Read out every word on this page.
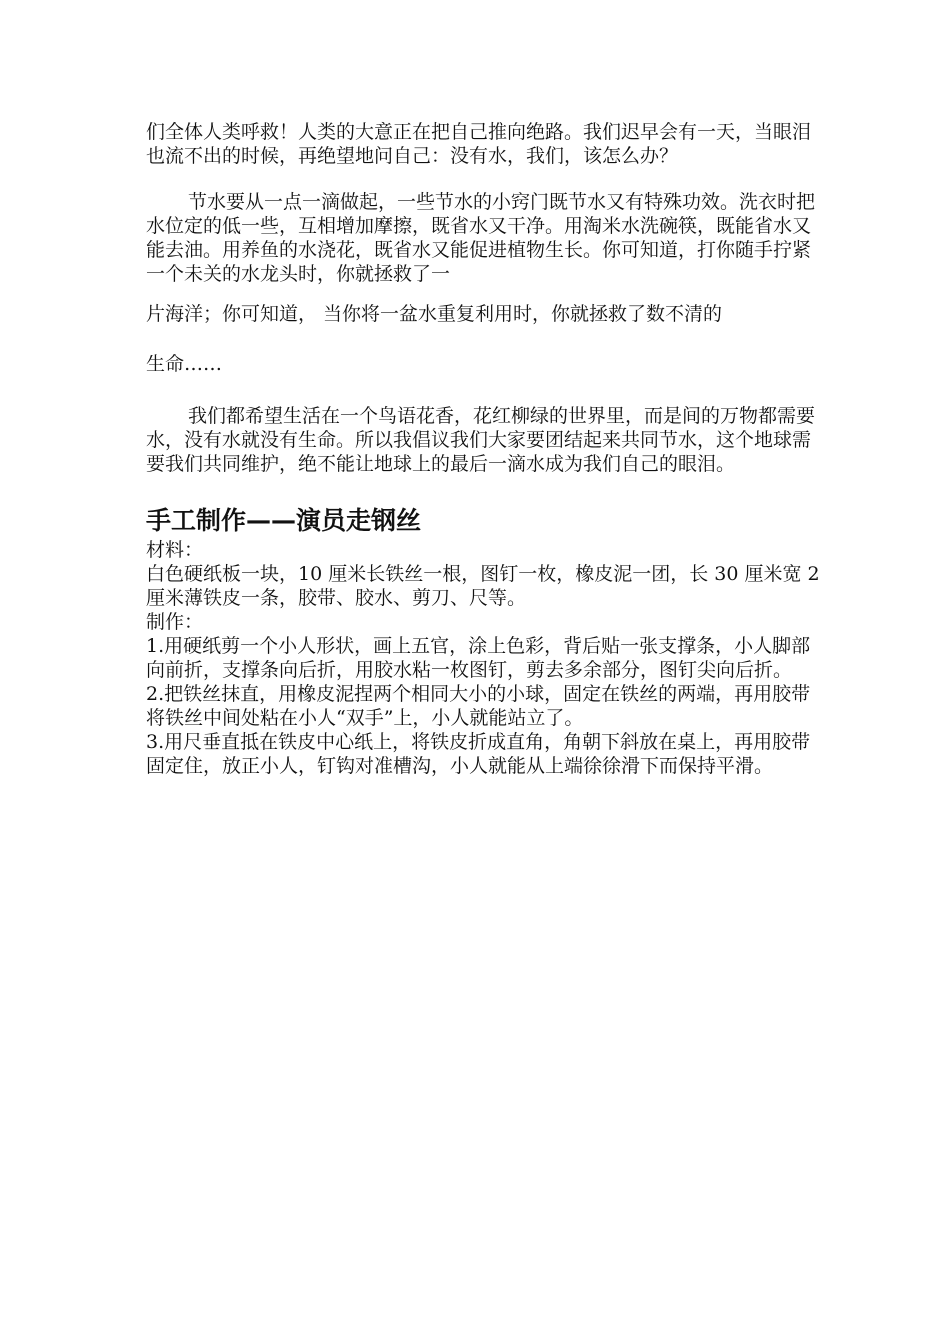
们全体人类呼救！人类的大意正在把自己推向绝路。我们迟早会有一天，当眼泪也流不出的时候，再绝望地问自己：没有水，我们，该怎么办？

节水要从一点一滴做起，一些节水的小窍门既节水又有特殊功效。洗衣时把水位定的低一些，互相增加摩擦，既省水又干净。用淘米水洗碗筷，既能省水又能去油。用养鱼的水浇花，既省水又能促进植物生长。你可知道，打你随手拧紧一个未关的水龙头时，你就拯救了一

片海洋；你可知道， 当你将一盆水重复利用时，你就拯救了数不清的

生命……

我们都希望生活在一个鸟语花香，花红柳绿的世界里，而是间的万物都需要水，没有水就没有生命。所以我倡议我们大家要团结起来共同节水，这个地球需要我们共同维护，绝不能让地球上的最后一滴水成为我们自己的眼泪。

手工制作——演员走钢丝

材料：

白色硬纸板一块，10 厘米长铁丝一根，图钉一枚，橡皮泥一团，长 30 厘米宽 2 厘米薄铁皮一条，胶带、胶水、剪刀、尺等。

制作：

1.用硬纸剪一个小人形状，画上五官，涂上色彩，背后贴一张支撑条，小人脚部向前折，支撑条向后折，用胶水粘一枚图钉，剪去多余部分，图钉尖向后折。

2.把铁丝抹直，用橡皮泥捏两个相同大小的小球，固定在铁丝的两端，再用胶带将铁丝中间处粘在小人“双手”上，小人就能站立了。

3.用尺垂直抵在铁皮中心纸上，将铁皮折成直角，角朝下斜放在桌上，再用胶带固定住，放正小人，钉钩对准槽沟，小人就能从上端徐徐滑下而保持平滑。
